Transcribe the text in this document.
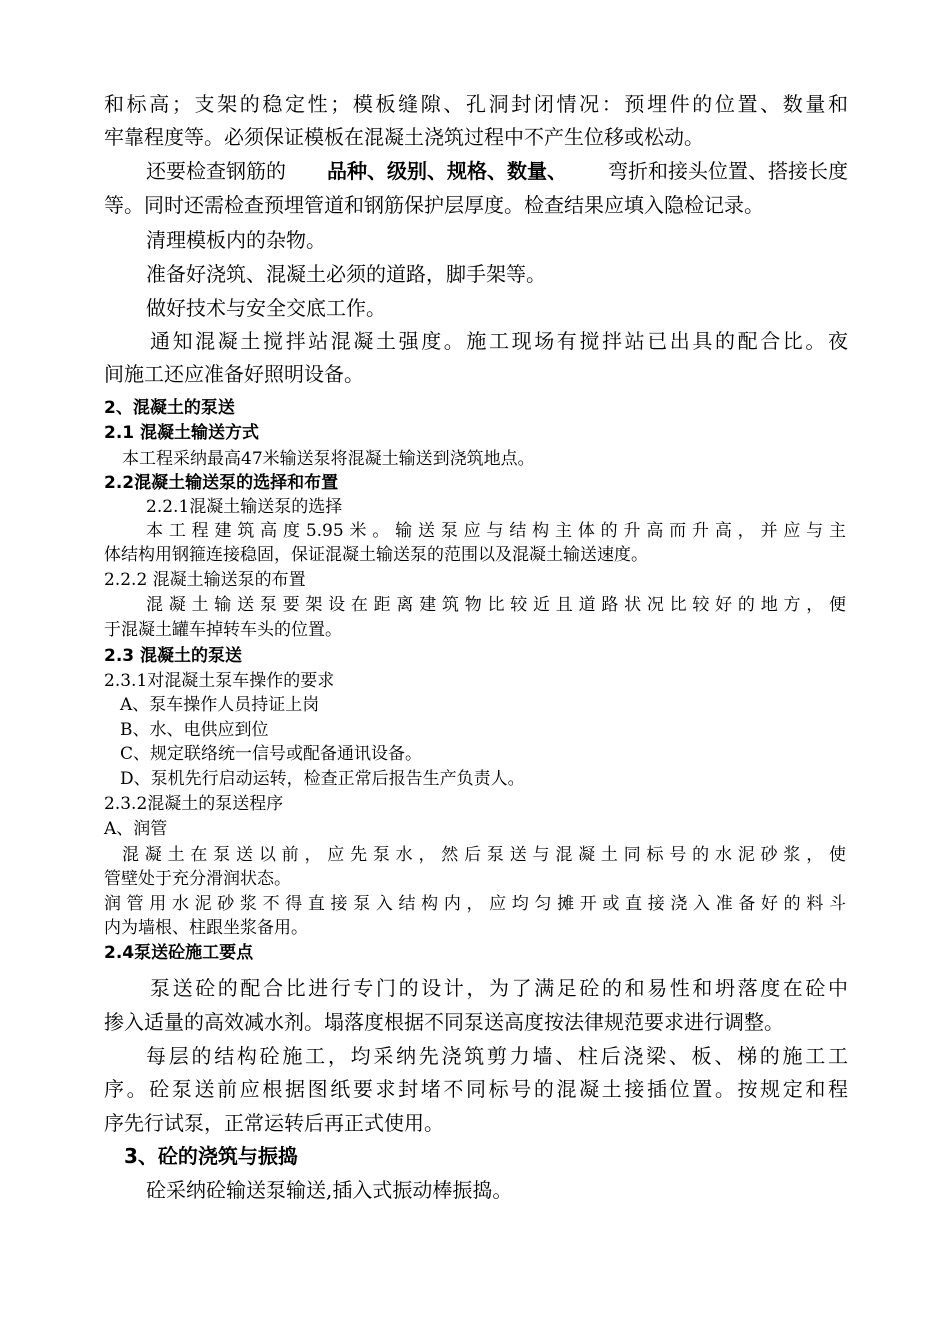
和标高；支架的稳定性；模板缝隙、孔洞封闭情况：预埋件的位置、数量和
牢靠程度等。必须保证模板在混凝土浇筑过程中不产生位移或松动。
还要检查钢筋的 品种、级别、规格、数量、 弯折和接头位置、搭接长度
等。同时还需检查预埋管道和钢筋保护层厚度。检查结果应填入隐检记录。
清理模板内的杂物。
准备好浇筑、混凝土必须的道路，脚手架等。
做好技术与安全交底工作。
通知混凝土搅拌站混凝土强度。施工现场有搅拌站已出具的配合比。夜
间施工还应准备好照明设备。
2、混凝土的泵送
2.1 混凝土输送方式
本工程采纳最高47米输送泵将混凝土输送到浇筑地点。
2.2混凝土输送泵的选择和布置
2.2.1混凝土输送泵的选择
本工程建筑高度5.95米。输送泵应与结构主体的升高而升高，并应与主
体结构用钢箍连接稳固，保证混凝土输送泵的范围以及混凝土输送速度。
2.2.2 混凝土输送泵的布置
混凝土输送泵要架设在距离建筑物比较近且道路状况比较好的地方，便
于混凝土罐车掉转车头的位置。
2.3 混凝土的泵送
2.3.1对混凝土泵车操作的要求
A、泵车操作人员持证上岗
B、水、电供应到位
C、规定联络统一信号或配备通讯设备。
D、泵机先行启动运转，检查正常后报告生产负责人。
2.3.2混凝土的泵送程序
A、润管
混凝土在泵送以前，应先泵水，然后泵送与混凝土同标号的水泥砂浆，使
管壁处于充分滑润状态。
润管用水泥砂浆不得直接泵入结构内，应均匀摊开或直接浇入准备好的料斗
内为墙根、柱跟坐浆备用。
2.4泵送砼施工要点
泵送砼的配合比进行专门的设计，为了满足砼的和易性和坍落度在砼中
掺入适量的高效减水剂。塌落度根据不同泵送高度按法律规范要求进行调整。
每层的结构砼施工，均采纳先浇筑剪力墙、柱后浇梁、板、梯的施工工
序。砼泵送前应根据图纸要求封堵不同标号的混凝土接插位置。按规定和程
序先行试泵，正常运转后再正式使用。
3、砼的浇筑与振捣
砼采纳砼输送泵输送,插入式振动棒振捣。
